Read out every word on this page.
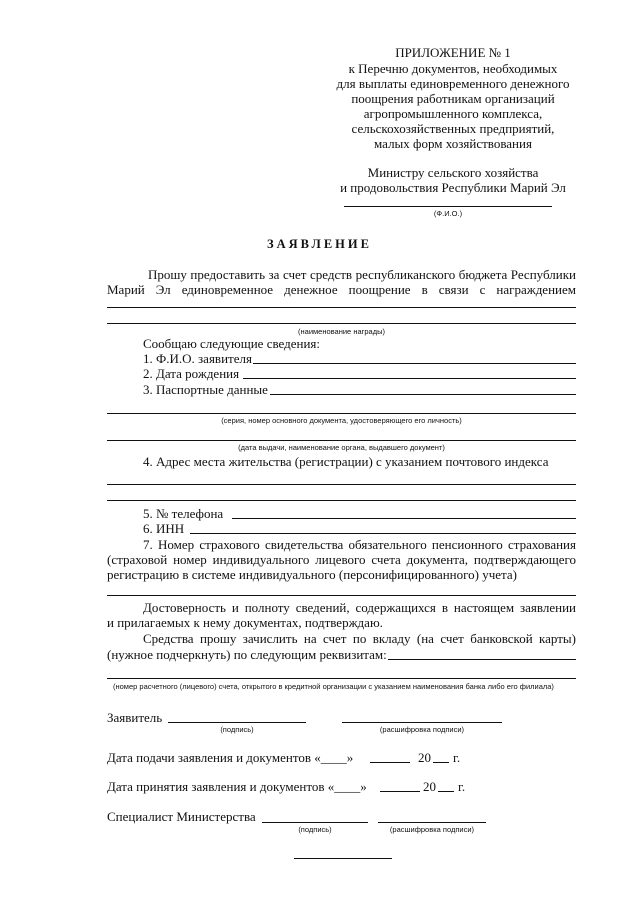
ПРИЛОЖЕНИЕ № 1
к Перечню документов, необходимых
для выплаты единовременного денежного
поощрения работникам организаций
агропромышленного комплекса,
сельскохозяйственных предприятий,
малых форм хозяйствования
Министру сельского хозяйства
и продовольствия Республики Марий Эл
(Ф.И.О.)
ЗАЯВЛЕНИЕ
Прошу предоставить за счет средств республиканского бюджета Республики
Марий Эл единовременное денежное поощрение в связи с награждением
(наименование награды)
Сообщаю следующие сведения:
1. Ф.И.О. заявителя
2. Дата рождения
3. Паспортные данные
(серия, номер основного документа, удостоверяющего его личность)
(дата выдачи, наименование органа, выдавшего документ)
4. Адрес места жительства (регистрации) с указанием почтового индекса
5. № телефона
6. ИНН
7. Номер страхового свидетельства обязательного пенсионного страхования
(страховой номер индивидуального лицевого счета документа, подтверждающего
регистрацию в системе индивидуального (персонифицированного) учета)
Достоверность и полноту сведений, содержащихся в настоящем заявлении
и прилагаемых к нему документах, подтверждаю.
Средства прошу зачислить на счет по вкладу (на счет банковской карты)
(нужное подчеркнуть) по следующим реквизитам:
(номер расчетного (лицевого) счета, открытого в кредитной организации с указанием наименования банка либо его филиала)
Заявитель
(подпись)	(расшифровка подписи)
Дата подачи заявления и документов «____»	20 г.
Дата принятия заявления и документов «____»	20 г.
Специалист Министерства
(подпись)	(расшифровка подписи)
